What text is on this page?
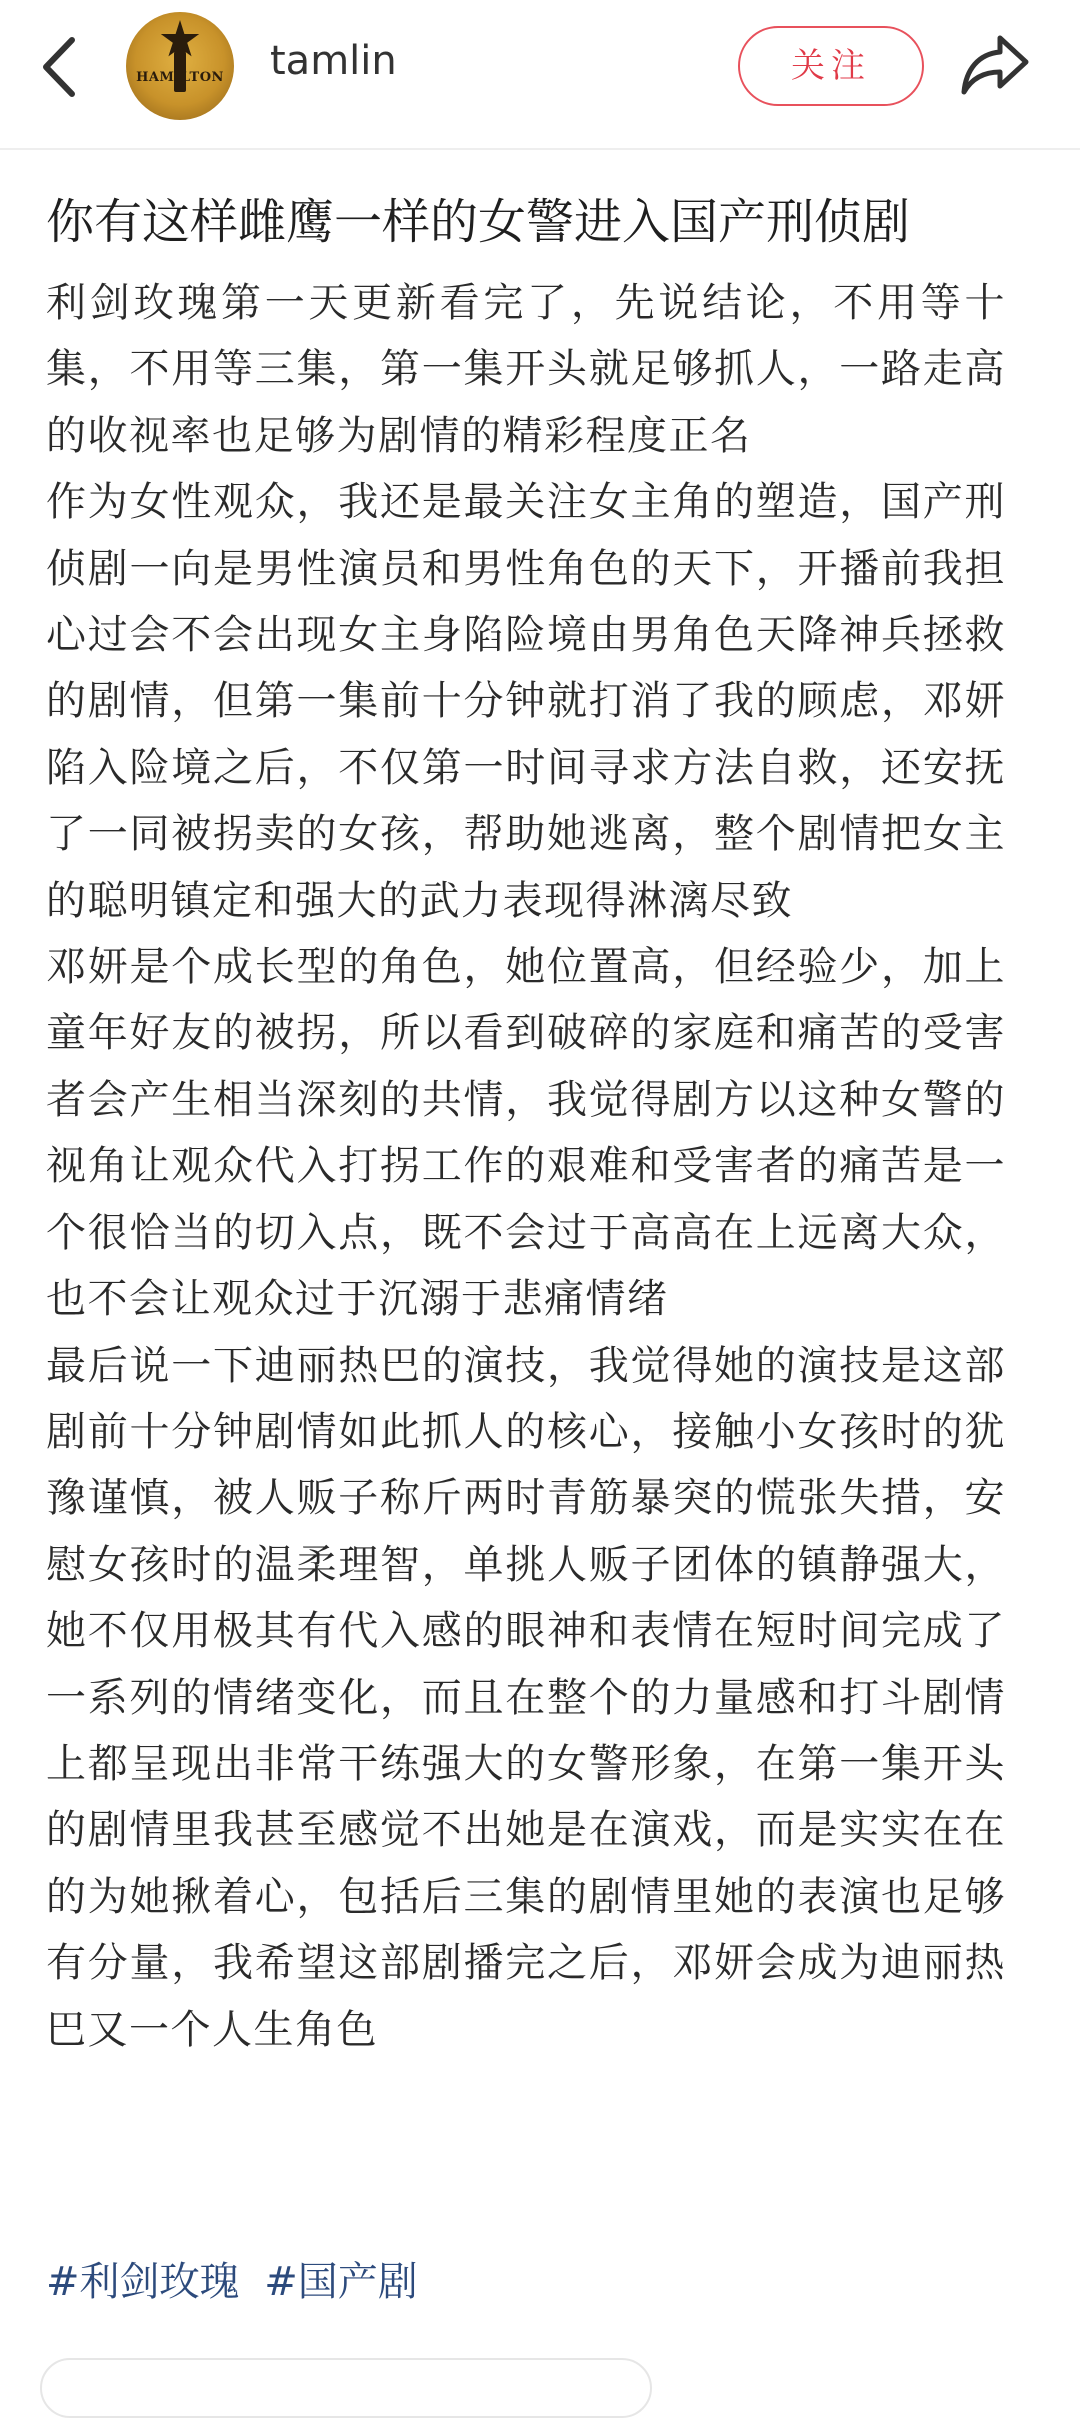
HAMILTON tamlin	关注
你有这样雌鹰一样的女警进入国产刑侦剧

利剑玫瑰第一天更新看完了，先说结论，不用等十集，不用等三集，第一集开头就足够抓人，一路走高的收视率也足够为剧情的精彩程度正名

作为女性观众，我还是最关注女主角的塑造，国产刑侦剧一向是男性演员和男性角色的天下，开播前我担心过会不会出现女主身陷险境由男角色天降神兵拯救的剧情，但第一集前十分钟就打消了我的顾虑，邓妍陷入险境之后，不仅第一时间寻求方法自救，还安抚了一同被拐卖的女孩，帮助她逃离，整个剧情把女主的聪明镇定和强大的武力表现得淋漓尽致

邓妍是个成长型的角色，她位置高，但经验少，加上童年好友的被拐，所以看到破碎的家庭和痛苦的受害者会产生相当深刻的共情，我觉得剧方以这种女警的视角让观众代入打拐工作的艰难和受害者的痛苦是一个很恰当的切入点，既不会过于高高在上远离大众，也不会让观众过于沉溺于悲痛情绪

最后说一下迪丽热巴的演技，我觉得她的演技是这部剧前十分钟剧情如此抓人的核心，接触小女孩时的犹豫谨慎，被人贩子称斤两时青筋暴突的慌张失措，安慰女孩时的温柔理智，单挑人贩子团体的镇静强大，她不仅用极其有代入感的眼神和表情在短时间完成了一系列的情绪变化，而且在整个的力量感和打斗剧情上都呈现出非常干练强大的女警形象，在第一集开头的剧情里我甚至感觉不出她是在演戏，而是实实在在的为她揪着心，包括后三集的剧情里她的表演也足够有分量，我希望这部剧播完之后，邓妍会成为迪丽热巴又一个人生角色

#利剑玫瑰 #国产剧
